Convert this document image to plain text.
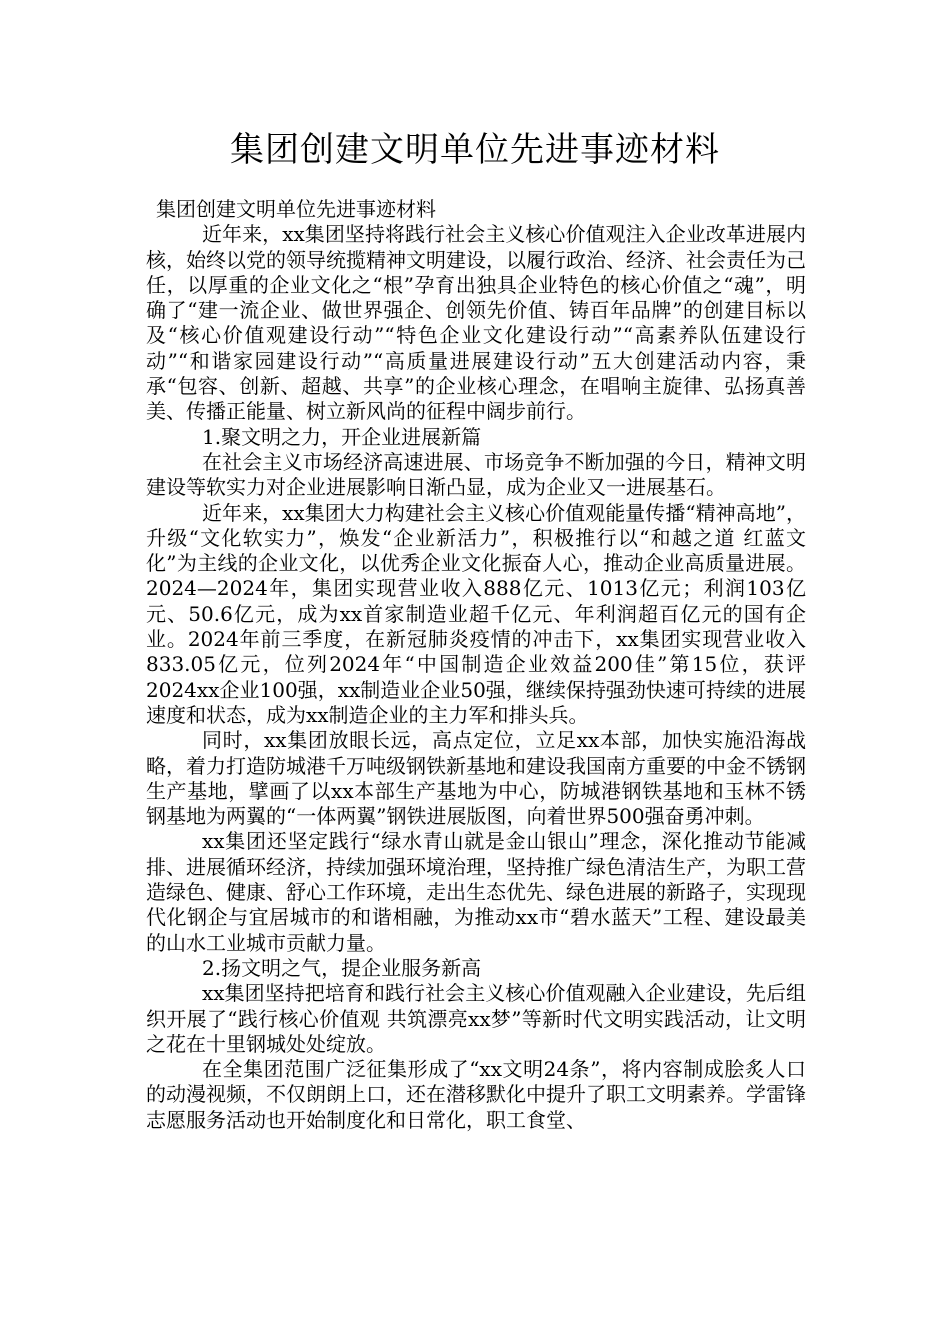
集团创建文明单位先进事迹材料

集团创建文明单位先进事迹材料

近年来，xx集团坚持将践行社会主义核心价值观注入企业改革进展内核，始终以党的领导统揽精神文明建设，以履行政治、经济、社会责任为己任，以厚重的企业文化之“根”孕育出独具企业特色的核心价值之“魂”，明确了“建一流企业、做世界强企、创领先价值、铸百年品牌”的创建目标以及“核心价值观建设行动”“特色企业文化建设行动”“高素养队伍建设行动”“和谐家园建设行动”“高质量进展建设行动”五大创建活动内容，秉承“包容、创新、超越、共享”的企业核心理念，在唱响主旋律、弘扬真善美、传播正能量、树立新风尚的征程中阔步前行。

1.聚文明之力，开企业进展新篇

在社会主义市场经济高速进展、市场竞争不断加强的今日，精神文明建设等软实力对企业进展影响日渐凸显，成为企业又一进展基石。

近年来，xx集团大力构建社会主义核心价值观能量传播“精神高地”，升级“文化软实力”，焕发“企业新活力”，积极推行以“和越之道 红蓝文化”为主线的企业文化，以优秀企业文化振奋人心，推动企业高质量进展。2024—2024年，集团实现营业收入888亿元、1013亿元；利润103亿元、50.6亿元，成为xx首家制造业超千亿元、年利润超百亿元的国有企业。2024年前三季度，在新冠肺炎疫情的冲击下，xx集团实现营业收入833.05亿元，位列2024年“中国制造企业效益200佳”第15位，获评2024xx企业100强，xx制造业企业50强，继续保持强劲快速可持续的进展速度和状态，成为xx制造企业的主力军和排头兵。

同时，xx集团放眼长远，高点定位，立足xx本部，加快实施沿海战略，着力打造防城港千万吨级钢铁新基地和建设我国南方重要的中金不锈钢生产基地，擘画了以xx本部生产基地为中心，防城港钢铁基地和玉林不锈钢基地为两翼的“一体两翼”钢铁进展版图，向着世界500强奋勇冲刺。

xx集团还坚定践行“绿水青山就是金山银山”理念，深化推动节能减排、进展循环经济，持续加强环境治理，坚持推广绿色清洁生产，为职工营造绿色、健康、舒心工作环境，走出生态优先、绿色进展的新路子，实现现代化钢企与宜居城市的和谐相融，为推动xx市“碧水蓝天”工程、建设最美的山水工业城市贡献力量。

2.扬文明之气，提企业服务新高

xx集团坚持把培育和践行社会主义核心价值观融入企业建设，先后组织开展了“践行核心价值观 共筑漂亮xx梦”等新时代文明实践活动，让文明之花在十里钢城处处绽放。

在全集团范围广泛征集形成了“xx文明24条”，将内容制成脍炙人口的动漫视频，不仅朗朗上口，还在潜移默化中提升了职工文明素养。学雷锋志愿服务活动也开始制度化和日常化，职工食堂、
